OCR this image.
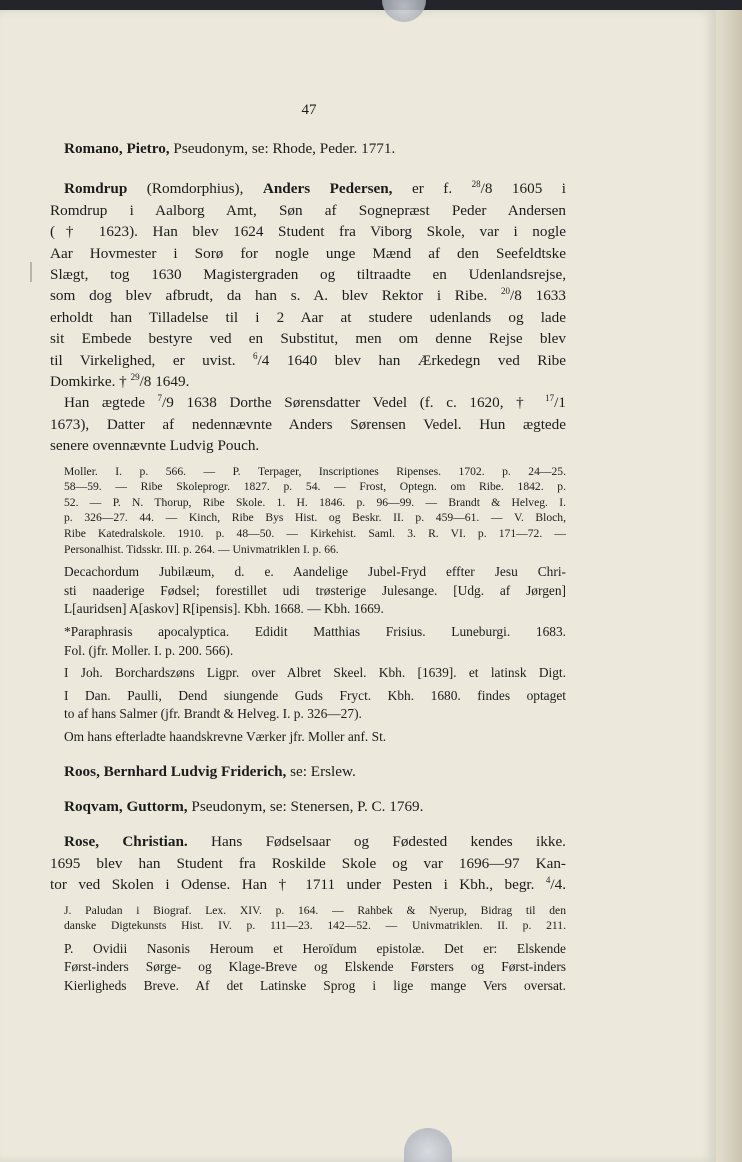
47

Romano, Pietro, Pseudonym, se: Rhode, Peder. 1771.

Romdrup (Romdorphius), Anders Pedersen, er f. $^{28}$/8 1605 i

Romdrup i Aalborg Amt, Søn af Sognepræst Peder Andersen
(† 1623). Han blev 1624 Student fra Viborg Skole, var i nogle
Aar Hovmester i Sorø for nogle unge Mænd af den Seefeldtske
Slægt, tog 1630 Magistergraden og tiltraadte en Udenlandsrejse,
som dog blev afbrudt, da han s. A. blev Rektor i Ribe. $^{20}$/8 1633
erholdt han Tilladelse til i 2 Aar at studere udenlands og lade
sit Embede bestyre ved en Substitut, men om denne Rejse blev
til Virkelighed, er uvist. $^6$/4 1640 blev han Ærkedegn ved Ribe
Domkirke. † $^{29}$/8 1649.

Han ægtede $^7$/9 1638 Dorthe Sørensdatter Vedel (f. c. 1620, † $^{17}$/1

1673), Datter af nedennævnte Anders Sørensen Vedel. Hun ægtede
senere ovennævnte Ludvig Pouch.

Moller. I. p. 566. — P. Terpager, Inscriptiones Ripenses. 1702. p. 24—25.
58—59. — Ribe Skoleprogr. 1827. p. 54. — Frost, Optegn. om Ribe. 1842. p.
52. — P. N. Thorup, Ribe Skole. 1. H. 1846. p. 96—99. — Brandt & Helveg. I.
p. 326—27. 44. — Kinch, Ribe Bys Hist. og Beskr. II. p. 459—61. — V. Bloch,
Ribe Katedralskole. 1910. p. 48—50. — Kirkehist. Saml. 3. R. VI. p. 171—72. —
Personalhist. Tidsskr. III. p. 264. — Univmatriklen I. p. 66.

Decachordum Jubilæum, d. e. Aandelige Jubel-Fryd effter Jesu Chri-
sti naaderige Fødsel; forestillet udi trøsterige Julesange. [Udg. af Jørgen]
L[auridsen] A[askov] R[ipensis]. Kbh. 1668. — Kbh. 1669.

*Paraphrasis apocalyptica. Edidit Matthias Frisius. Luneburgi. 1683.
Fol. (jfr. Moller. I. p. 200. 566).

I Joh. Borchardszøns Ligpr. over Albret Skeel. Kbh. [1639]. et latinsk Digt.

I Dan. Paulli, Dend siungende Guds Fryct. Kbh. 1680. findes optaget
to af hans Salmer (jfr. Brandt & Helveg. I. p. 326—27).

Om hans efterladte haandskrevne Værker jfr. Moller anf. St.

Roos, Bernhard Ludvig Friderich, se: Erslew.

Roqvam, Guttorm, Pseudonym, se: Stenersen, P. C. 1769.

Rose, Christian. Hans Fødselsaar og Fødested kendes ikke.

1695 blev han Student fra Roskilde Skole og var 1696—97 Kan-
tor ved Skolen i Odense. Han † 1711 under Pesten i Kbh., begr. $^4$/4.

J. Paludan i Biograf. Lex. XIV. p. 164. — Rahbek & Nyerup, Bidrag til den
danske Digtekunsts Hist. IV. p. 111—23. 142—52. — Univmatriklen. II. p. 211.

P. Ovidii Nasonis Heroum et Heroïdum epistolæ. Det er: Elskende
Først-inders Sørge- og Klage-Breve og Elskende Førsters og Først-inders
Kierligheds Breve. Af det Latinske Sprog i lige mange Vers oversat.
